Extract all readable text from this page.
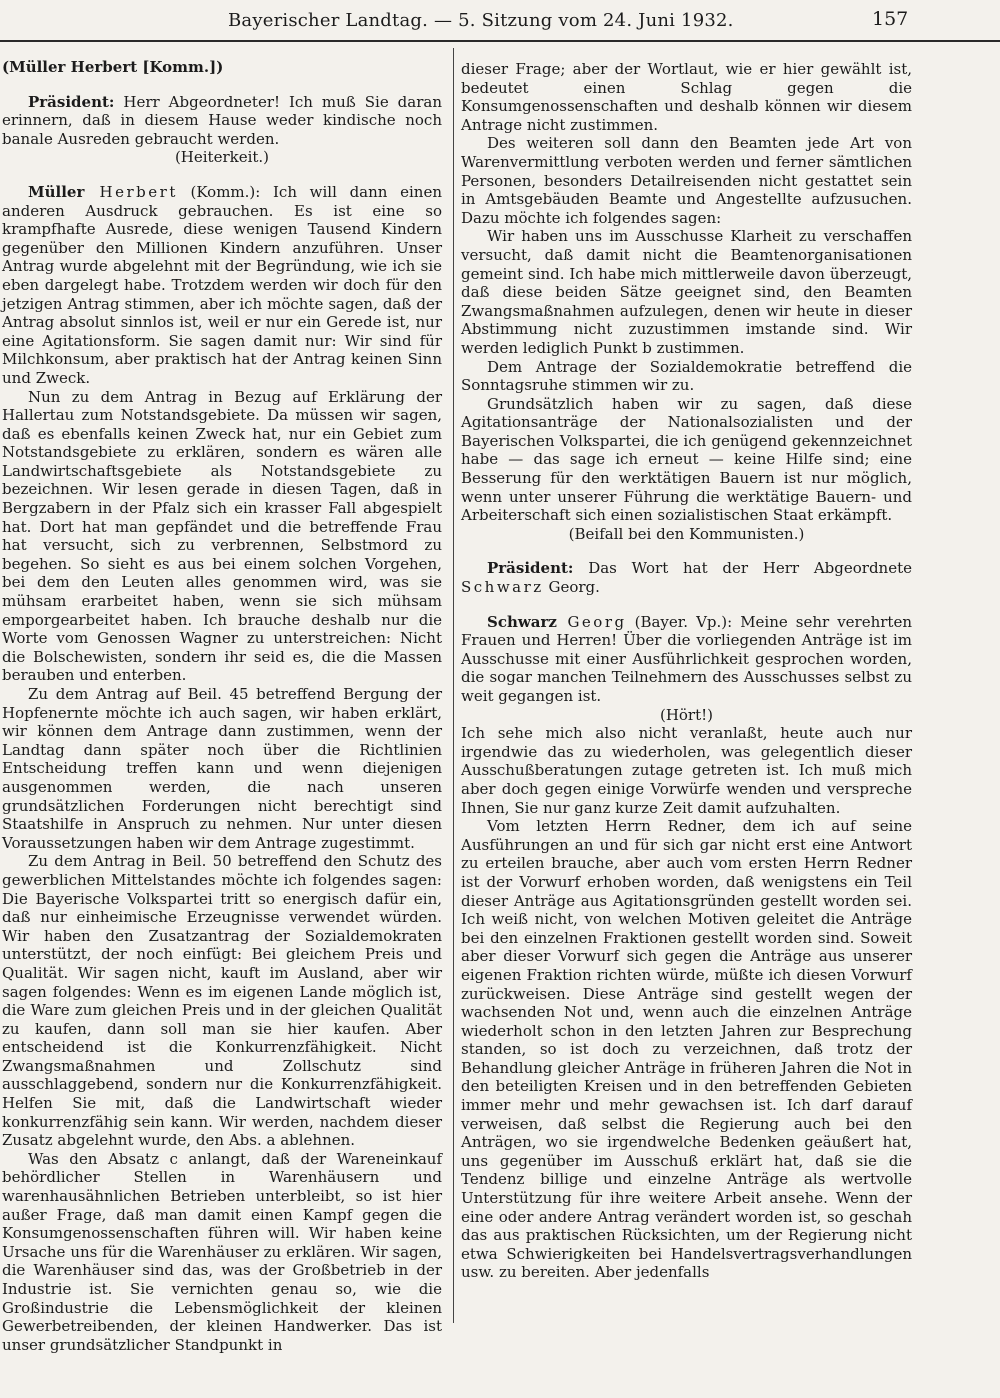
Bayerischer Landtag. — 5. Sitzung vom 24. Juni 1932.	157

(Müller Herbert [Komm.])

Präsident: Herr Abgeordneter! Ich muß Sie daran erinnern, daß in diesem Hause weder kindische noch banale Ausreden gebraucht werden.

(Heiterkeit.)

Müller Herbert (Komm.): Ich will dann einen anderen Ausdruck gebrauchen. Es ist eine so krampfhafte Ausrede, diese wenigen Tausend Kindern gegenüber den Millionen Kindern anzuführen. Unser Antrag wurde abgelehnt mit der Begründung, wie ich sie eben dargelegt habe. Trotzdem werden wir doch für den jetzigen Antrag stimmen, aber ich möchte sagen, daß der Antrag absolut sinnlos ist, weil er nur ein Gerede ist, nur eine Agitationsform. Sie sagen damit nur: Wir sind für Milchkonsum, aber praktisch hat der Antrag keinen Sinn und Zweck.

Nun zu dem Antrag in Bezug auf Erklärung der Hallertau zum Notstandsgebiete. Da müssen wir sagen, daß es ebenfalls keinen Zweck hat, nur ein Gebiet zum Notstandsgebiete zu erklären, sondern es wären alle Landwirtschaftsgebiete als Notstandsgebiete zu bezeichnen. Wir lesen gerade in diesen Tagen, daß in Bergzabern in der Pfalz sich ein krasser Fall abgespielt hat. Dort hat man gepfändet und die betreffende Frau hat versucht, sich zu verbrennen, Selbstmord zu begehen. So sieht es aus bei einem solchen Vorgehen, bei dem den Leuten alles genommen wird, was sie mühsam erarbeitet haben, wenn sie sich mühsam emporgearbeitet haben. Ich brauche deshalb nur die Worte vom Genossen Wagner zu unterstreichen: Nicht die Bolschewisten, sondern ihr seid es, die die Massen berauben und enterben.

Zu dem Antrag auf Beil. 45 betreffend Bergung der Hopfenernte möchte ich auch sagen, wir haben erklärt, wir können dem Antrage dann zustimmen, wenn der Landtag dann später noch über die Richtlinien Entscheidung treffen kann und wenn diejenigen ausgenommen werden, die nach unseren grundsätzlichen Forderungen nicht berechtigt sind Staatshilfe in Anspruch zu nehmen. Nur unter diesen Voraussetzungen haben wir dem Antrage zugestimmt.

Zu dem Antrag in Beil. 50 betreffend den Schutz des gewerblichen Mittelstandes möchte ich folgendes sagen: Die Bayerische Volkspartei tritt so energisch dafür ein, daß nur einheimische Erzeugnisse verwendet würden. Wir haben den Zusatzantrag der Sozialdemokraten unterstützt, der noch einfügt: Bei gleichem Preis und Qualität. Wir sagen nicht, kauft im Ausland, aber wir sagen folgendes: Wenn es im eigenen Lande möglich ist, die Ware zum gleichen Preis und in der gleichen Qualität zu kaufen, dann soll man sie hier kaufen. Aber entscheidend ist die Konkurrenzfähigkeit. Nicht Zwangsmaßnahmen und Zollschutz sind ausschlaggebend, sondern nur die Konkurrenzfähigkeit. Helfen Sie mit, daß die Landwirtschaft wieder konkurrenzfähig sein kann. Wir werden, nachdem dieser Zusatz abgelehnt wurde, den Abs. a ablehnen.

Was den Absatz c anlangt, daß der Wareneinkauf behördlicher Stellen in Warenhäusern und warenhausähnlichen Betrieben unterbleibt, so ist hier außer Frage, daß man damit einen Kampf gegen die Konsumgenossenschaften führen will. Wir haben keine Ursache uns für die Warenhäuser zu erklären. Wir sagen, die Warenhäuser sind das, was der Großbetrieb in der Industrie ist. Sie vernichten genau so, wie die Großindustrie die Lebensmöglichkeit der kleinen Gewerbetreibenden, der kleinen Handwerker. Das ist unser grundsätzlicher Standpunkt in

dieser Frage; aber der Wortlaut, wie er hier gewählt ist, bedeutet einen Schlag gegen die Konsumgenossenschaften und deshalb können wir diesem Antrage nicht zustimmen.

Des weiteren soll dann den Beamten jede Art von Warenvermittlung verboten werden und ferner sämtlichen Personen, besonders Detailreisenden nicht gestattet sein in Amtsgebäuden Beamte und Angestellte aufzusuchen. Dazu möchte ich folgendes sagen:

Wir haben uns im Ausschusse Klarheit zu verschaffen versucht, daß damit nicht die Beamtenorganisationen gemeint sind. Ich habe mich mittlerweile davon überzeugt, daß diese beiden Sätze geeignet sind, den Beamten Zwangsmaßnahmen aufzulegen, denen wir heute in dieser Abstimmung nicht zuzustimmen imstande sind. Wir werden lediglich Punkt b zustimmen.

Dem Antrage der Sozialdemokratie betreffend die Sonntagsruhe stimmen wir zu.

Grundsätzlich haben wir zu sagen, daß diese Agitationsanträge der Nationalsozialisten und der Bayerischen Volkspartei, die ich genügend gekennzeichnet habe — das sage ich erneut — keine Hilfe sind; eine Besserung für den werktätigen Bauern ist nur möglich, wenn unter unserer Führung die werktätige Bauern- und Arbeiterschaft sich einen sozialistischen Staat erkämpft.

(Beifall bei den Kommunisten.)

Präsident: Das Wort hat der Herr Abgeordnete Schwarz Georg.

Schwarz Georg (Bayer. Vp.): Meine sehr verehrten Frauen und Herren! Über die vorliegenden Anträge ist im Ausschusse mit einer Ausführlichkeit gesprochen worden, die sogar manchen Teilnehmern des Ausschusses selbst zu weit gegangen ist.

(Hört!)

Ich sehe mich also nicht veranlaßt, heute auch nur irgendwie das zu wiederholen, was gelegentlich dieser Ausschußberatungen zutage getreten ist. Ich muß mich aber doch gegen einige Vorwürfe wenden und verspreche Ihnen, Sie nur ganz kurze Zeit damit aufzuhalten.

Vom letzten Herrn Redner, dem ich auf seine Ausführungen an und für sich gar nicht erst eine Antwort zu erteilen brauche, aber auch vom ersten Herrn Redner ist der Vorwurf erhoben worden, daß wenigstens ein Teil dieser Anträge aus Agitationsgründen gestellt worden sei. Ich weiß nicht, von welchen Motiven geleitet die Anträge bei den einzelnen Fraktionen gestellt worden sind. Soweit aber dieser Vorwurf sich gegen die Anträge aus unserer eigenen Fraktion richten würde, müßte ich diesen Vorwurf zurückweisen. Diese Anträge sind gestellt wegen der wachsenden Not und, wenn auch die einzelnen Anträge wiederholt schon in den letzten Jahren zur Besprechung standen, so ist doch zu verzeichnen, daß trotz der Behandlung gleicher Anträge in früheren Jahren die Not in den beteiligten Kreisen und in den betreffenden Gebieten immer mehr und mehr gewachsen ist. Ich darf darauf verweisen, daß selbst die Regierung auch bei den Anträgen, wo sie irgendwelche Bedenken geäußert hat, uns gegenüber im Ausschuß erklärt hat, daß sie die Tendenz billige und einzelne Anträge als wertvolle Unterstützung für ihre weitere Arbeit ansehe. Wenn der eine oder andere Antrag verändert worden ist, so geschah das aus praktischen Rücksichten, um der Regierung nicht etwa Schwierigkeiten bei Handelsvertragsverhandlungen usw. zu bereiten. Aber jedenfalls
